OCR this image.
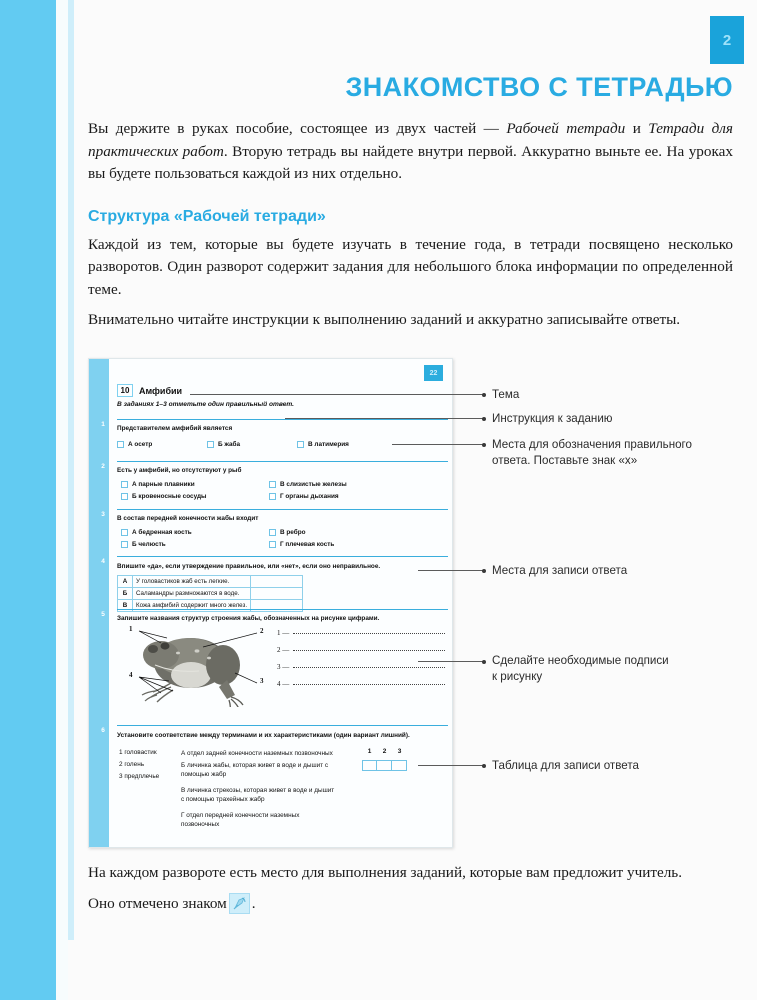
2
ЗНАКОМСТВО С ТЕТРАДЬЮ

Вы держите в руках пособие, состоящее из двух частей — Рабочей тетради и Тетради для практических работ. Вторую тетрадь вы найдете внутри первой. Аккуратно выньте ее. На уроках вы будете пользоваться каждой из них отдельно.

Структура «Рабочей тетради»

Каждой из тем, которые вы будете изучать в течение года, в тетради посвящено несколько разворотов. Один разворот содержит задания для небольшого блока информации по определенной теме.

Внимательно читайте инструкции к выполнению заданий и аккуратно записывайте ответы.

22
1
2
3
4
5
6
10	Амфибии
В заданиях 1–3 отметьте один правильный ответ.
Представителем амфибий является
А осетр	Б жаба	В латимерия
Есть у амфибий, но отсутствуют у рыб
А парные плавники
Б кровеносные сосуды
В слизистые железы
Г органы дыхания
В состав передней конечности жабы входит
А бедренная кость
Б челюсть
В ребро
Г плечевая кость
Впишите «да», если утверждение правильное, или «нет», если оно неправильное.
А	У головастиков жаб есть легкие.	
Б	Саламандры размножаются в воде.	
В	Кожа амфибий содержит много желез.	
Запишите названия структур строения жабы, обозначенных на рисунке цифрами.
1	2
3
4
1 —
2 —
3 —
4 —
Установите соответствие между терминами и их характеристиками (один вариант лишний).
1 головастик
2 голень
3 предплечье
А отдел задней конечности наземных позвоночных
Б личинка жабы, которая живет в воде и дышит с помощью жабр
В личинка стрекозы, которая живет в воде и дышит с помощью трахейных жабр
Г отдел передней конечности наземных позвоночных
1	2	3
Тема
Инструкция к заданию
Места для обозначения правильного
ответа. Поставьте знак «х»
Места для записи ответа
Сделайте необходимые подписи
к рисунку
Таблица для записи ответа

На каждом развороте есть место для выполнения заданий, которые вам предложит учитель.

Оно отмечено знаком .
